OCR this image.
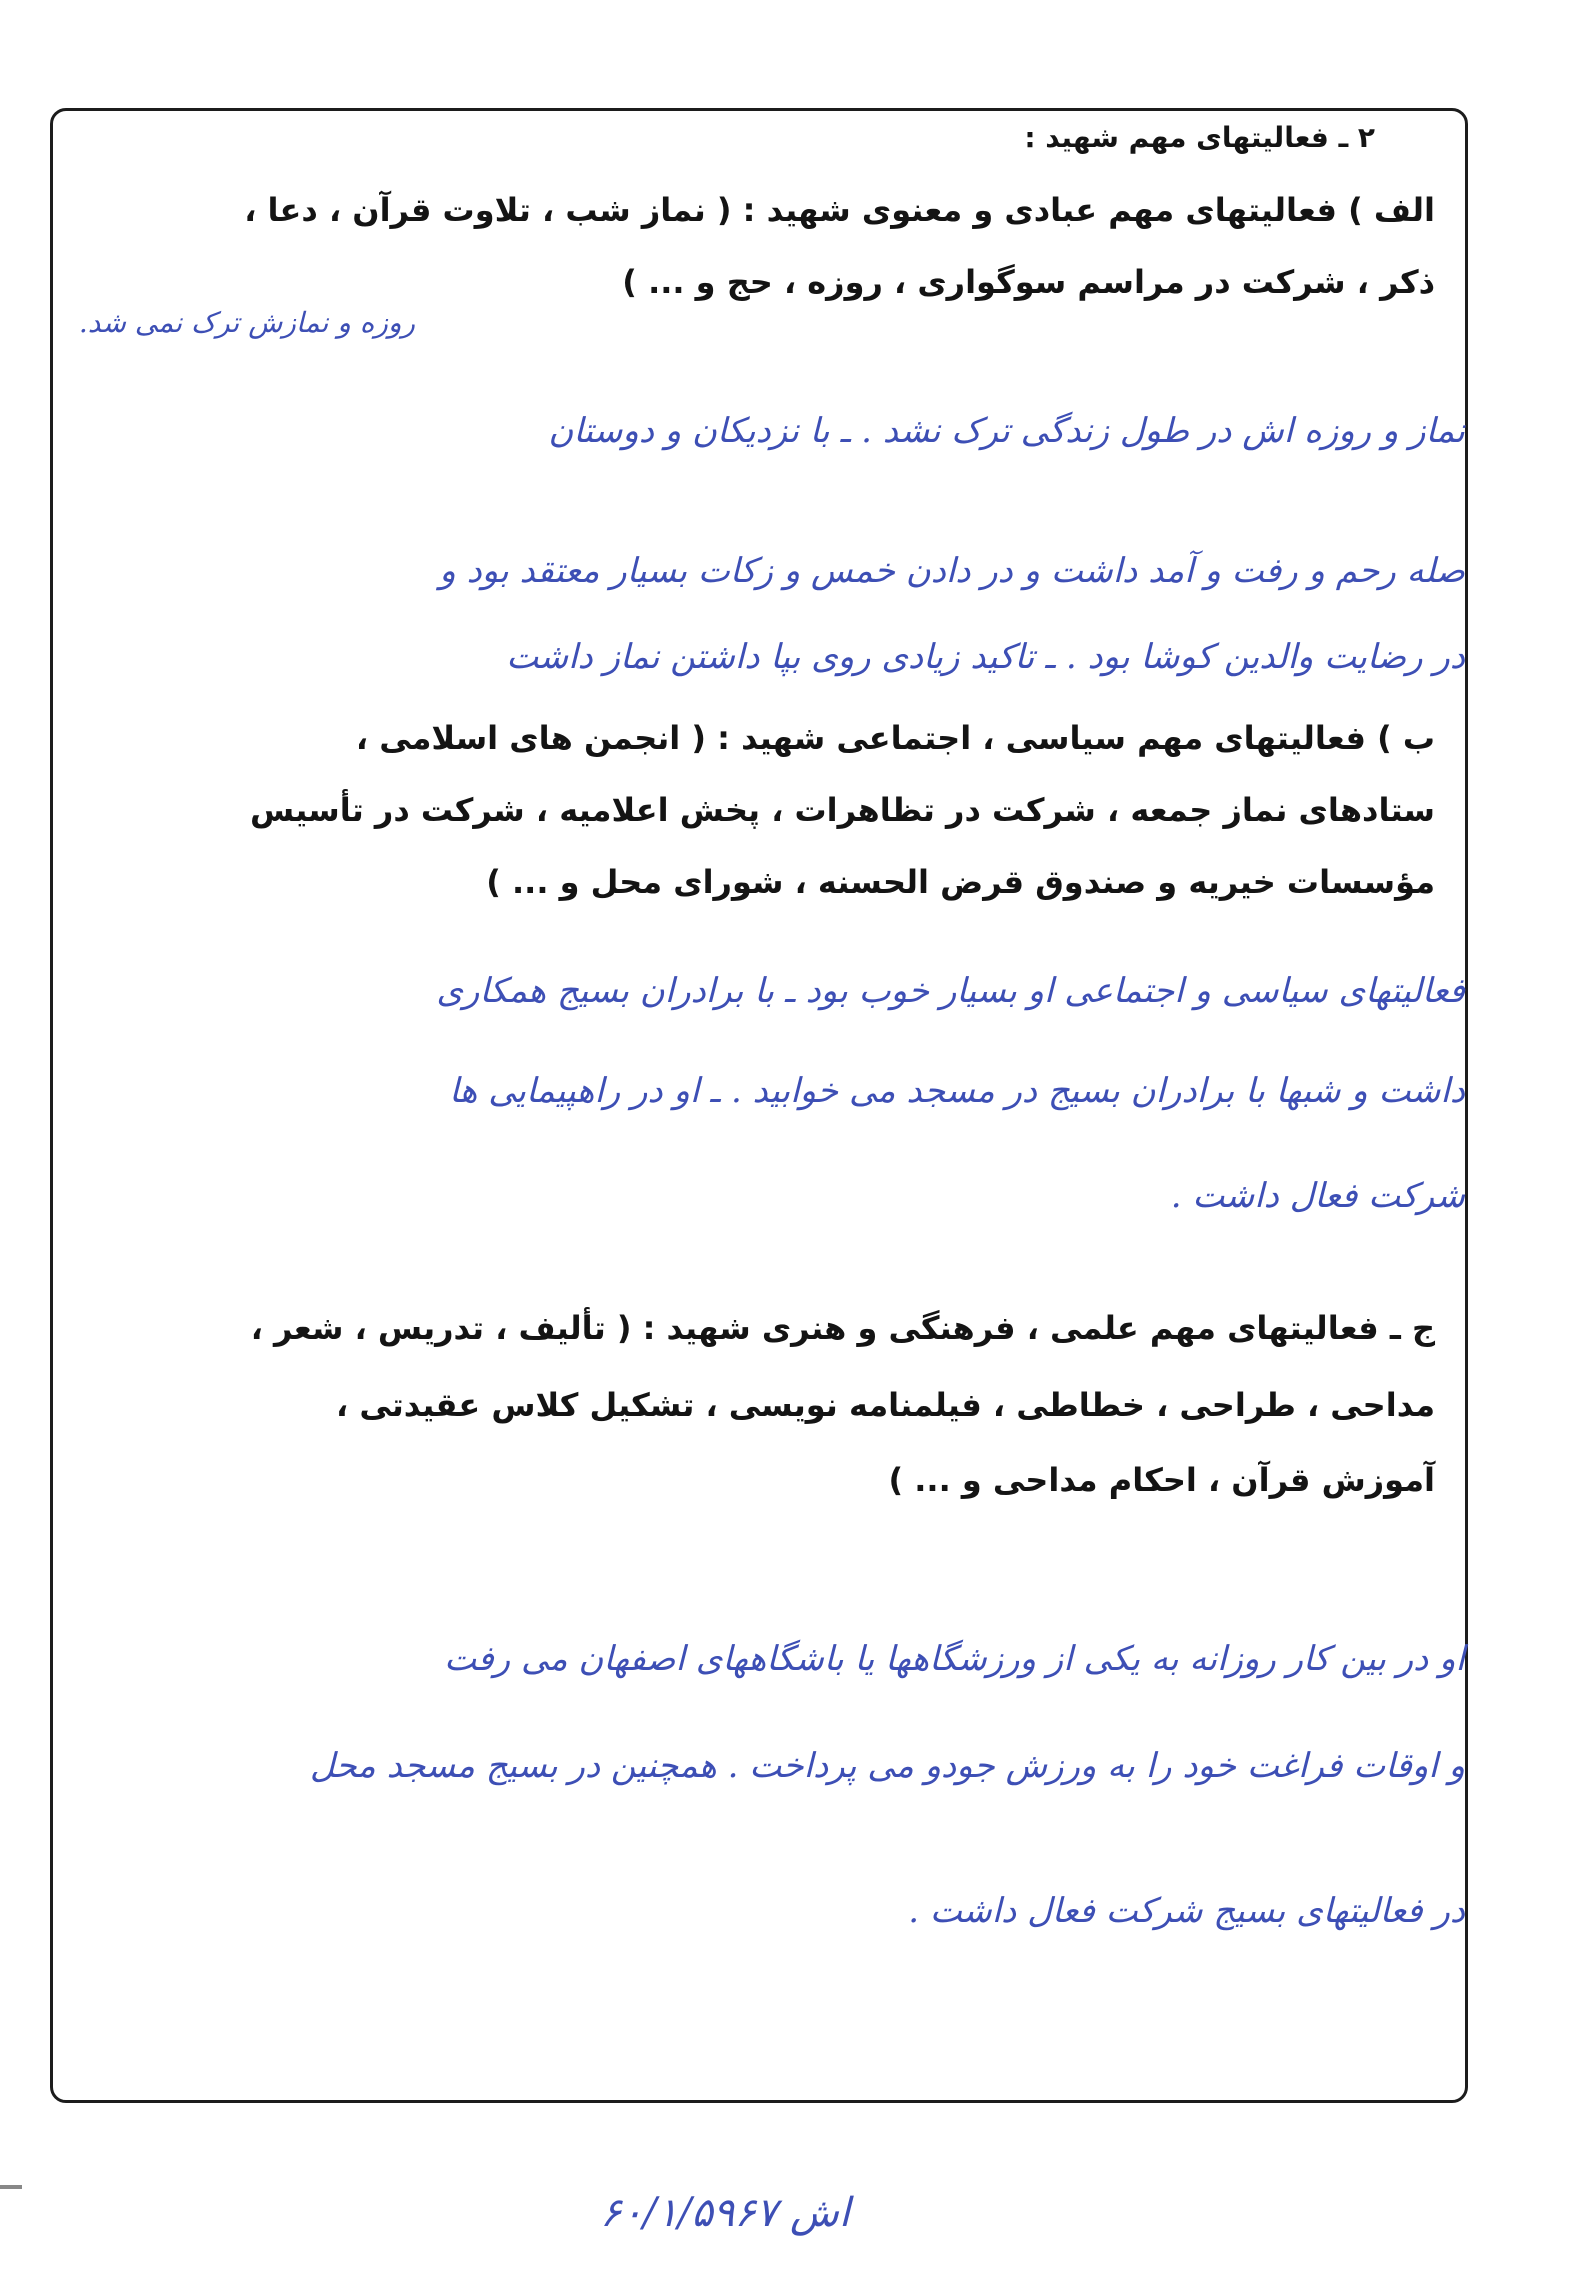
۲ ـ فعالیتهای مهم شهید :
الف ) فعالیتهای مهم عبادی و معنوی شهید : ( نماز شب ، تلاوت قرآن ، دعا ،
ذکر ، شرکت در مراسم سوگواری ، روزه ، حج و ... )
روزه و نمازش ترک نمی شد.
نماز و روزه اش در طول زندگی ترک نشد . ـ با نزدیکان و دوستان
صله رحم و رفت و آمد داشت و در دادن خمس و زکات بسیار معتقد بود و
در رضایت والدین کوشا بود . ـ تاکید زیادی روی بپا داشتن نماز داشت
ب ) فعالیتهای مهم سیاسی ، اجتماعی شهید : ( انجمن های اسلامی ،
ستادهای نماز جمعه ، شرکت در تظاهرات ، پخش اعلامیه ، شرکت در تأسیس
مؤسسات خیریه و صندوق قرض الحسنه ، شورای محل و ... )
فعالیتهای سیاسی و اجتماعی او بسیار خوب بود ـ با برادران بسیج همکاری
داشت و شبها با برادران بسیج در مسجد می خوابید . ـ او در راهپیمایی ها
شرکت فعال داشت .
ج ـ فعالیتهای مهم علمی ، فرهنگی و هنری شهید : ( تألیف ، تدریس ، شعر ،
مداحی ، طراحی ، خطاطی ، فیلمنامه نویسی ، تشکیل کلاس عقیدتی ،
آموزش قرآن ، احکام مداحی و ... )
او در بین کار روزانه به یکی از ورزشگاهها یا باشگاههای اصفهان می رفت
و اوقات فراغت خود را به ورزش جودو می پرداخت . همچنین در بسیج مسجد محل
در فعالیتهای بسیج شرکت فعال داشت .
۶۰/۱/اش ۵۹۶۷
